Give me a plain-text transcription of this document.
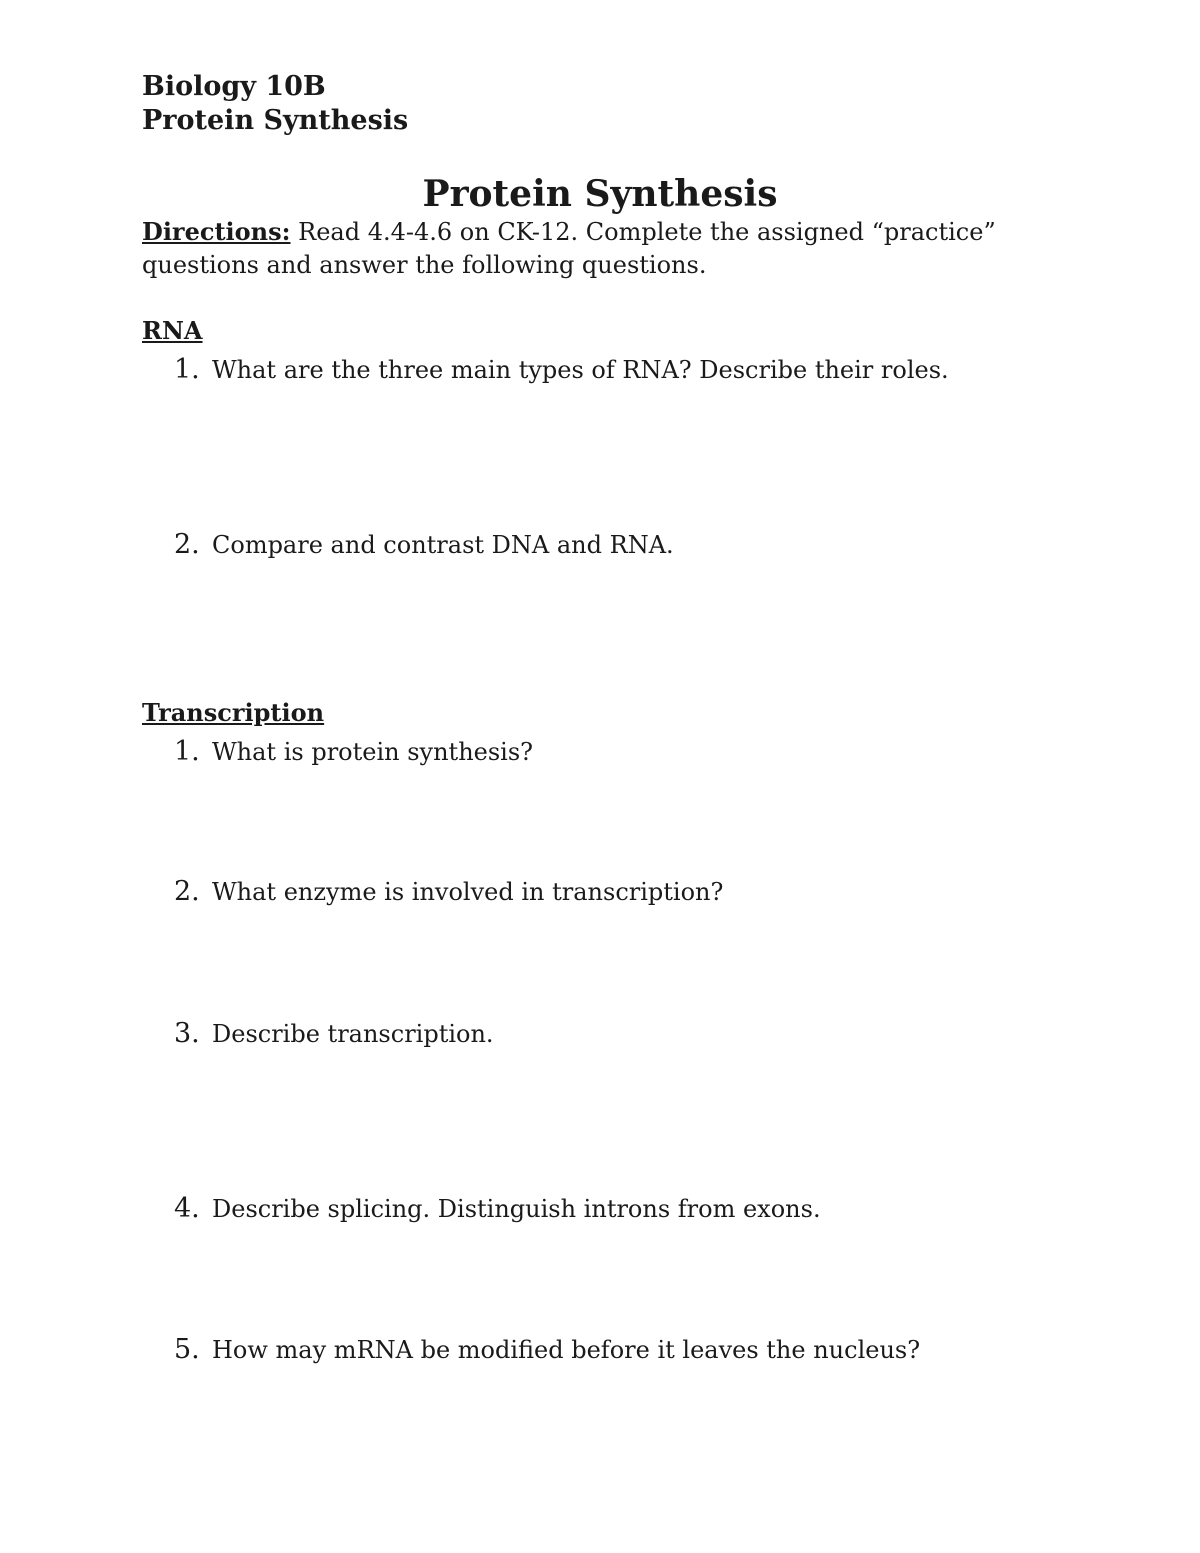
Biology 10B
Protein Synthesis
Protein Synthesis
Directions: Read 4.4-4.6 on CK-12. Complete the assigned “practice” questions and answer the following questions.
RNA
1. What are the three main types of RNA? Describe their roles.
2. Compare and contrast DNA and RNA.
Transcription
1. What is protein synthesis?
2. What enzyme is involved in transcription?
3. Describe transcription.
4. Describe splicing. Distinguish introns from exons.
5. How may mRNA be modified before it leaves the nucleus?
